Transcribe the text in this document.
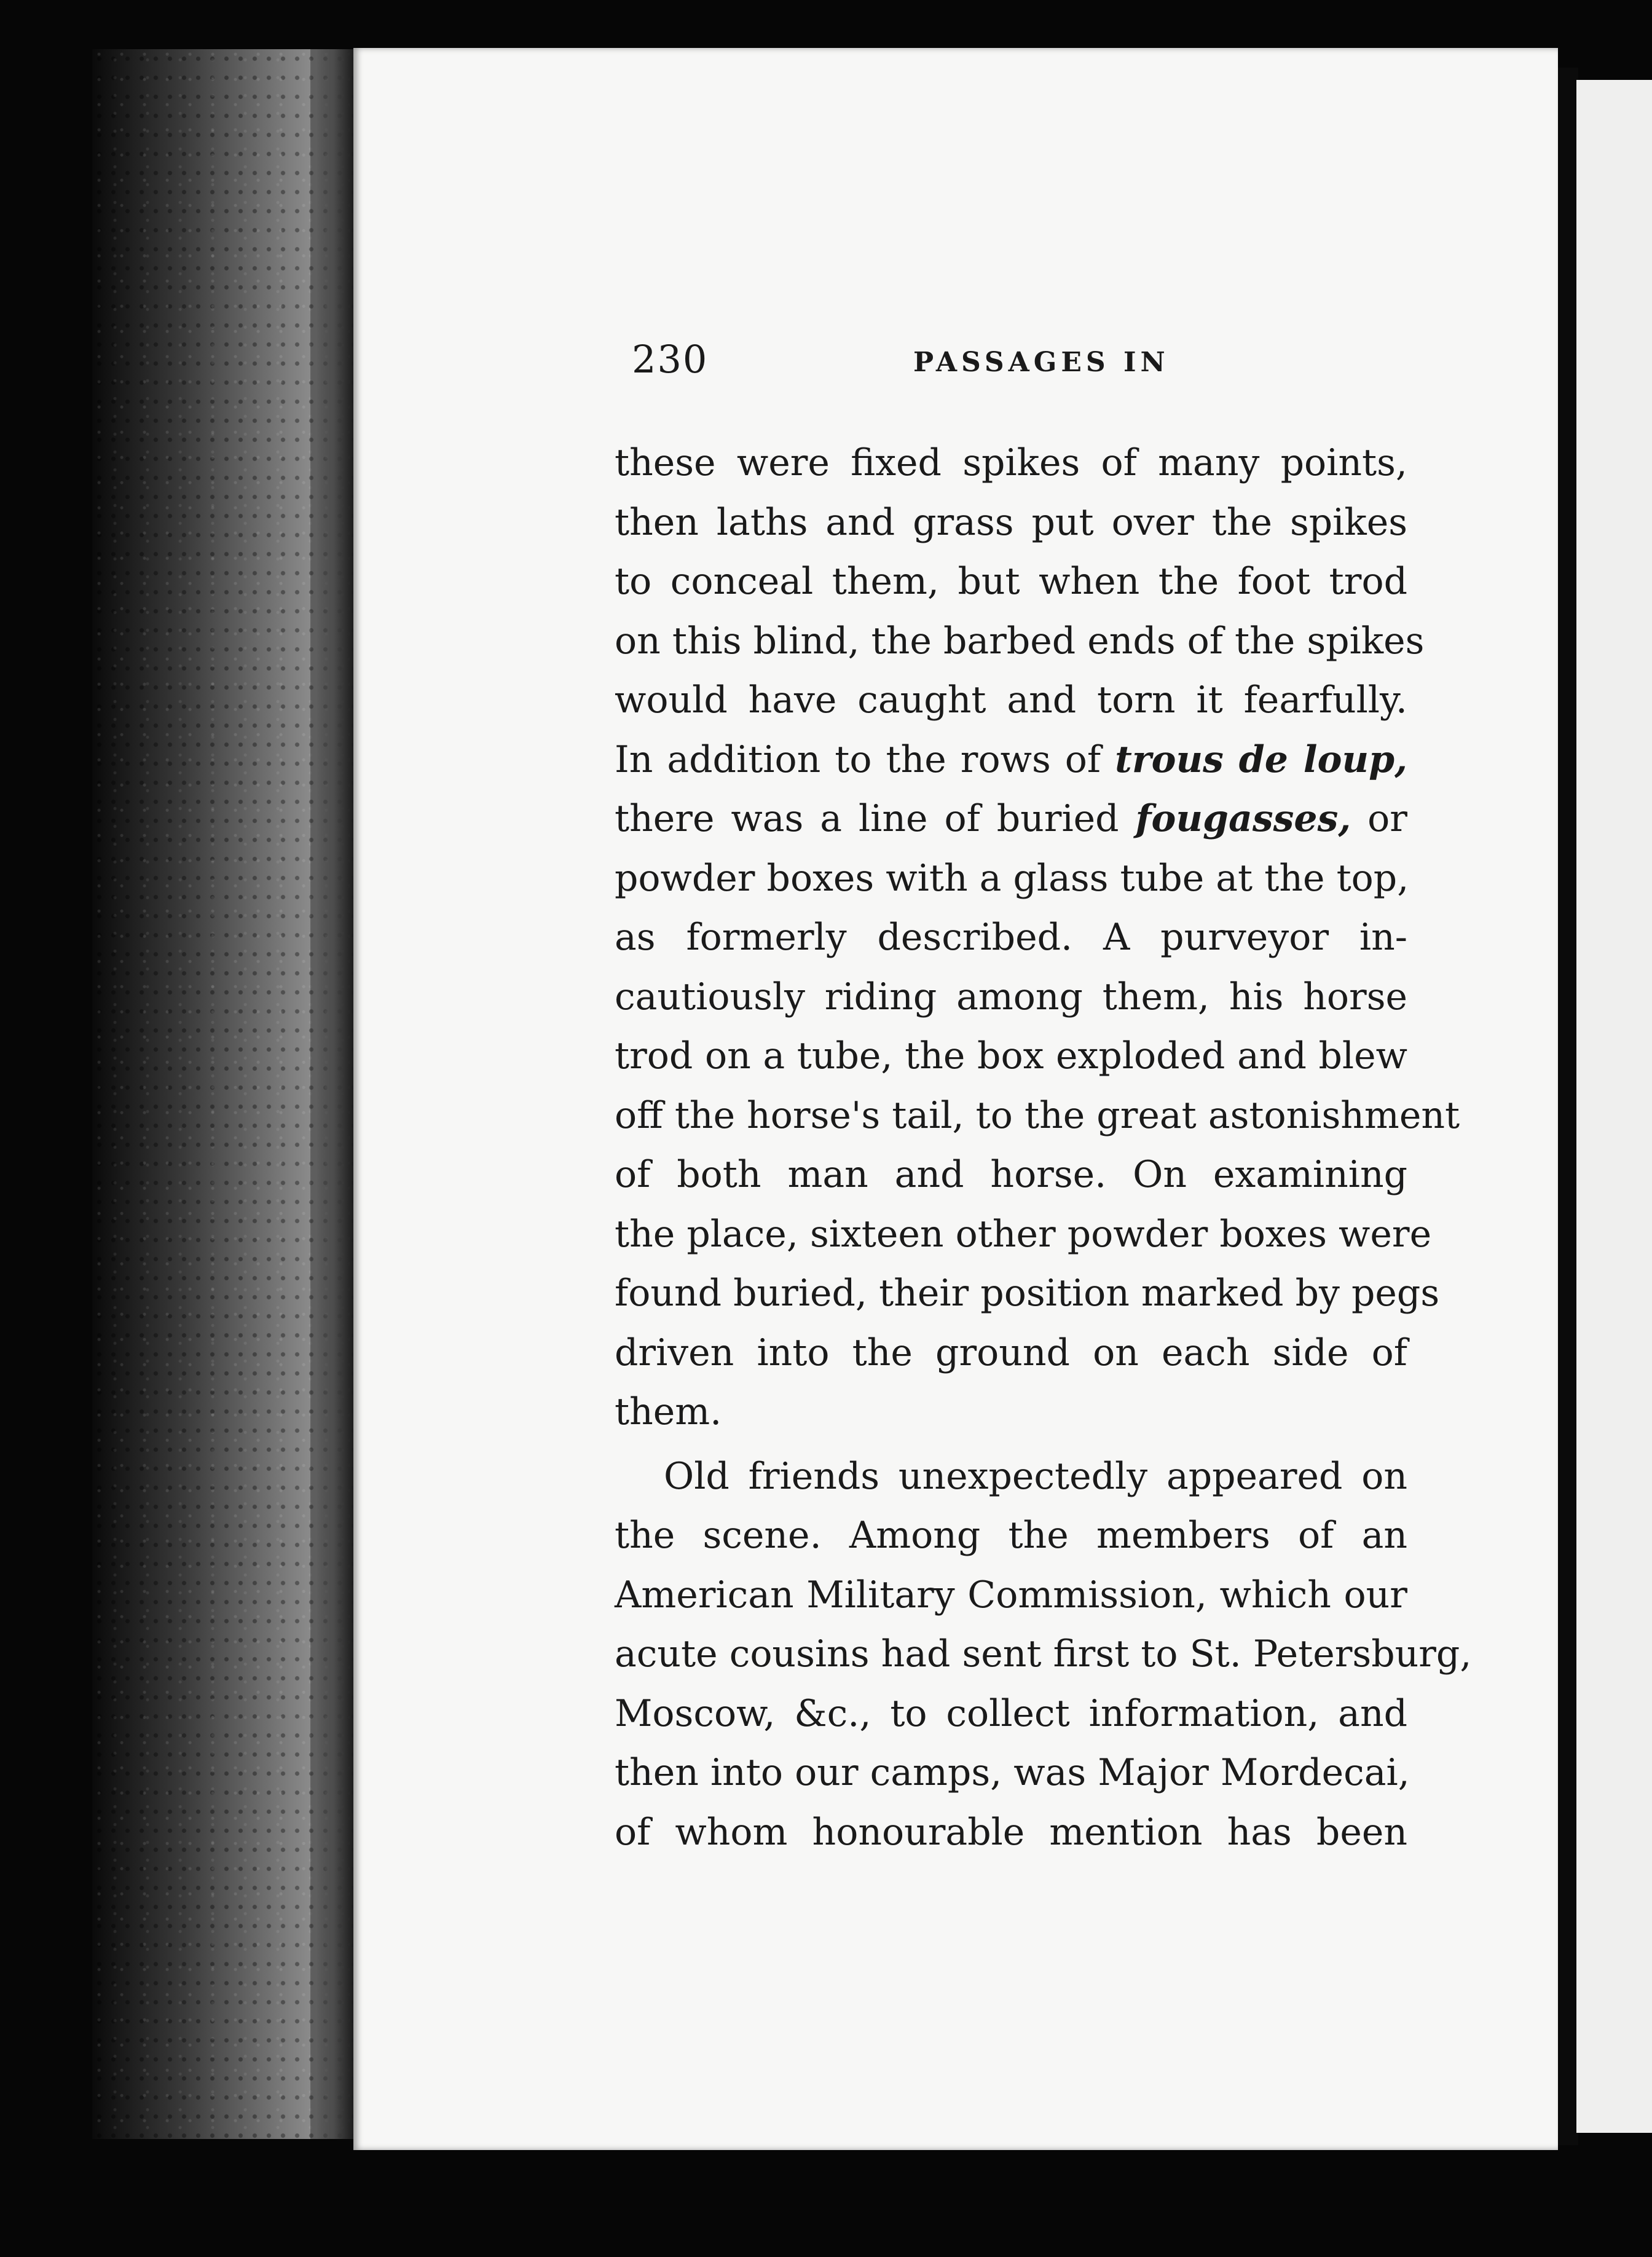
230	PASSAGES IN
these were fixed spikes of many points,
then laths and grass put over the spikes
to conceal them, but when the foot trod
on this blind, the barbed ends of the spikes
would have caught and torn it fearfully.
In addition to the rows of trous de loup,
there was a line of buried fougasses, or
powder boxes with a glass tube at the top,
as formerly described. A purveyor in-
cautiously riding among them, his horse
trod on a tube, the box exploded and blew
off the horse's tail, to the great astonishment
of both man and horse. On examining
the place, sixteen other powder boxes were
found buried, their position marked by pegs
driven into the ground on each side of
them.
Old friends unexpectedly appeared on
the scene. Among the members of an
American Military Commission, which our
acute cousins had sent first to St. Petersburg,
Moscow, &c., to collect information, and
then into our camps, was Major Mordecai,
of whom honourable mention has been
